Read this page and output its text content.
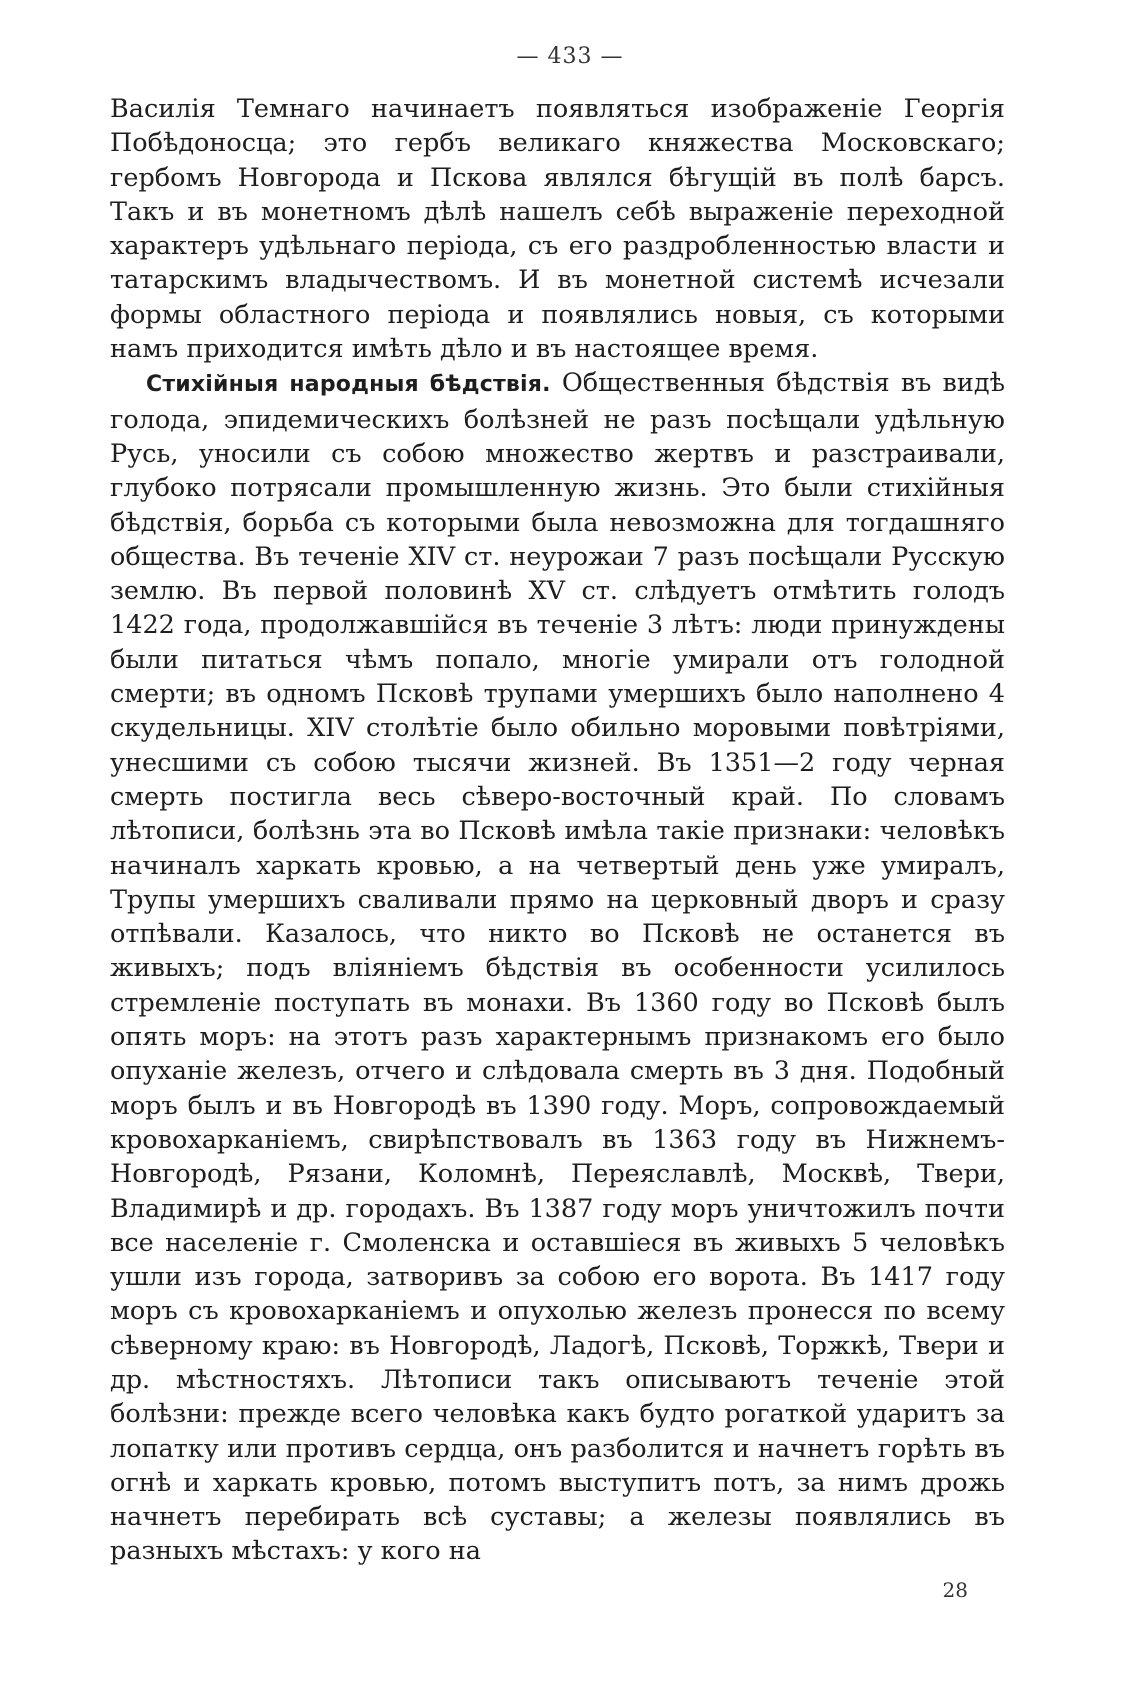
— 433 —

Василія Темнаго начинаетъ появляться изображеніе Георгія Побѣдоносца; это гербъ великаго княжества Московскаго; гербомъ Новгорода и Пскова являлся бѣгущій въ полѣ барсъ. Такъ и въ монетномъ дѣлѣ нашелъ себѣ выраженіе переходной характеръ удѣльнаго періода, съ его раздробленностью власти и татарскимъ владычествомъ. И въ монетной системѣ исчезали формы областного періода и появлялись новыя, съ которыми намъ приходится имѣть дѣло и въ настоящее время.

Стихійныя народныя бѣдствія. Общественныя бѣдствія въ видѣ голода, эпидемическихъ болѣзней не разъ посѣщали удѣльную Русь, уносили съ собою множество жертвъ и разстраивали, глубоко потрясали промышленную жизнь. Это были стихійныя бѣдствія, борьба съ которыми была невозможна для тогдашняго общества. Въ теченіе XIV ст. неурожаи 7 разъ посѣщали Русскую землю. Въ первой половинѣ XV ст. слѣдуетъ отмѣтить голодъ 1422 года, продолжавшійся въ теченіе 3 лѣтъ: люди принуждены были питаться чѣмъ попало, многіе умирали отъ голодной смерти; въ одномъ Псковѣ трупами умершихъ было наполнено 4 скудельницы. XIV столѣтіе было обильно моровыми повѣтріями, унесшими съ собою тысячи жизней. Въ 1351—2 году черная смерть постигла весь сѣверо-восточный край. По словамъ лѣтописи, болѣзнь эта во Псковѣ имѣла такіе признаки: человѣкъ начиналъ харкать кровью, а на четвертый день уже умиралъ, Трупы умершихъ сваливали прямо на церковный дворъ и сразу отпѣвали. Казалось, что никто во Псковѣ не останется въ живыхъ; подъ вліяніемъ бѣдствія въ особенности усилилось стремленіе поступать въ монахи. Въ 1360 году во Псковѣ былъ опять моръ: на этотъ разъ характернымъ признакомъ его было опуханіе железъ, отчего и слѣдовала смерть въ 3 дня. Подобный моръ былъ и въ Новгородѣ въ 1390 году. Моръ, сопровождаемый кровохарканіемъ, свирѣпствовалъ въ 1363 году въ Нижнемъ-Новгородѣ, Рязани, Коломнѣ, Переяславлѣ, Москвѣ, Твери, Владимирѣ и др. городахъ. Въ 1387 году моръ уничтожилъ почти все населеніе г. Смоленска и оставшіеся въ живыхъ 5 человѣкъ ушли изъ города, затворивъ за собою его ворота. Въ 1417 году моръ съ кровохарканіемъ и опухолью железъ пронесся по всему сѣверному краю: въ Новгородѣ, Ладогѣ, Псковѣ, Торжкѣ, Твери и др. мѣстностяхъ. Лѣтописи такъ описываютъ теченіе этой болѣзни: прежде всего человѣка какъ будто рогаткой ударитъ за лопатку или противъ сердца, онъ разболится и начнетъ горѣть въ огнѣ и харкать кровью, потомъ выступитъ потъ, за нимъ дрожь начнетъ перебирать всѣ суставы; а железы появлялись въ разныхъ мѣстахъ: у кого на

28
